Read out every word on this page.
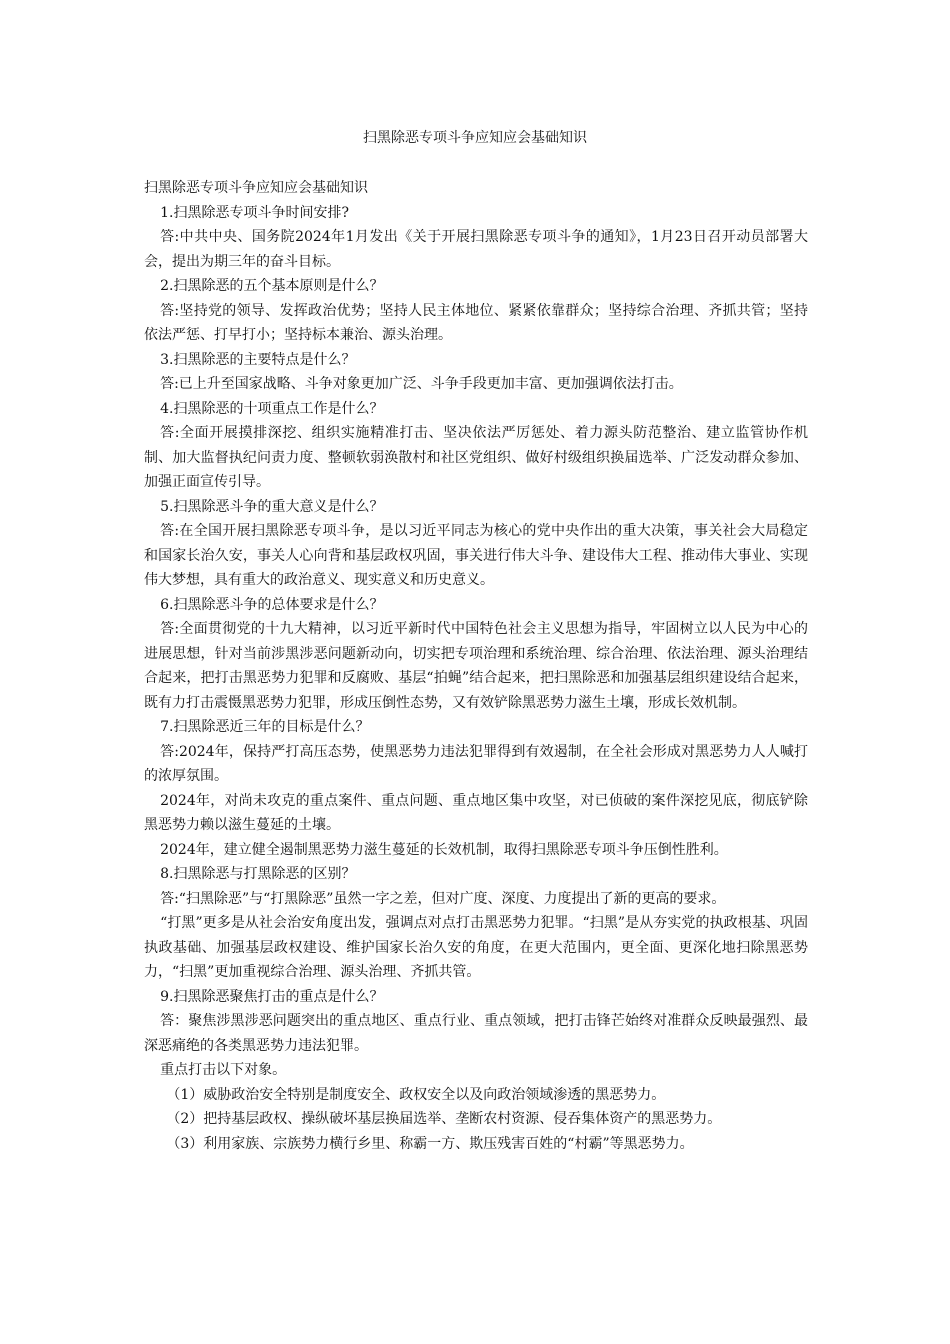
扫黑除恶专项斗争应知应会基础知识

扫黑除恶专项斗争应知应会基础知识

1.扫黑除恶专项斗争时间安排?

答:中共中央、国务院2024年1月发出《关于开展扫黑除恶专项斗争的通知》，1月23日召开动员部署大会，提出为期三年的奋斗目标。

2.扫黑除恶的五个基本原则是什么？

答:坚持党的领导、发挥政治优势；坚持人民主体地位、紧紧依靠群众；坚持综合治理、齐抓共管；坚持依法严惩、打早打小；坚持标本兼治、源头治理。

3.扫黑除恶的主要特点是什么？

答:已上升至国家战略、斗争对象更加广泛、斗争手段更加丰富、更加强调依法打击。

4.扫黑除恶的十项重点工作是什么？

答:全面开展摸排深挖、组织实施精准打击、坚决依法严厉惩处、着力源头防范整治、建立监管协作机制、加大监督执纪问责力度、整顿软弱涣散村和社区党组织、做好村级组织换届选举、广泛发动群众参加、加强正面宣传引导。

5.扫黑除恶斗争的重大意义是什么？

答:在全国开展扫黑除恶专项斗争，是以习近平同志为核心的党中央作出的重大决策，事关社会大局稳定和国家长治久安，事关人心向背和基层政权巩固，事关进行伟大斗争、建设伟大工程、推动伟大事业、实现伟大梦想，具有重大的政治意义、现实意义和历史意义。

6.扫黑除恶斗争的总体要求是什么？

答:全面贯彻党的十九大精神，以习近平新时代中国特色社会主义思想为指导，牢固树立以人民为中心的进展思想，针对当前涉黑涉恶问题新动向，切实把专项治理和系统治理、综合治理、依法治理、源头治理结合起来，把打击黑恶势力犯罪和反腐败、基层“拍蝇”结合起来，把扫黑除恶和加强基层组织建设结合起来，既有力打击震慑黑恶势力犯罪，形成压倒性态势，又有效铲除黑恶势力滋生土壤，形成长效机制。

7.扫黑除恶近三年的目标是什么？

答:2024年，保持严打高压态势，使黑恶势力违法犯罪得到有效遏制，在全社会形成对黑恶势力人人喊打的浓厚氛围。

2024年，对尚未攻克的重点案件、重点问题、重点地区集中攻坚，对已侦破的案件深挖见底，彻底铲除黑恶势力赖以滋生蔓延的土壤。

2024年，建立健全遏制黑恶势力滋生蔓延的长效机制，取得扫黑除恶专项斗争压倒性胜利。

8.扫黑除恶与打黑除恶的区别？

答:“扫黑除恶”与“打黑除恶”虽然一字之差，但对广度、深度、力度提出了新的更高的要求。

“打黑”更多是从社会治安角度出发，强调点对点打击黑恶势力犯罪。“扫黑”是从夯实党的执政根基、巩固执政基础、加强基层政权建设、维护国家长治久安的角度，在更大范围内，更全面、更深化地扫除黑恶势力，“扫黑”更加重视综合治理、源头治理、齐抓共管。

9.扫黑除恶聚焦打击的重点是什么？

答：聚焦涉黑涉恶问题突出的重点地区、重点行业、重点领域，把打击锋芒始终对准群众反映最强烈、最深恶痛绝的各类黑恶势力违法犯罪。

重点打击以下对象。

（1）威胁政治安全特别是制度安全、政权安全以及向政治领域渗透的黑恶势力。

（2）把持基层政权、操纵破坏基层换届选举、垄断农村资源、侵吞集体资产的黑恶势力。

（3）利用家族、宗族势力横行乡里、称霸一方、欺压残害百姓的“村霸”等黑恶势力。
